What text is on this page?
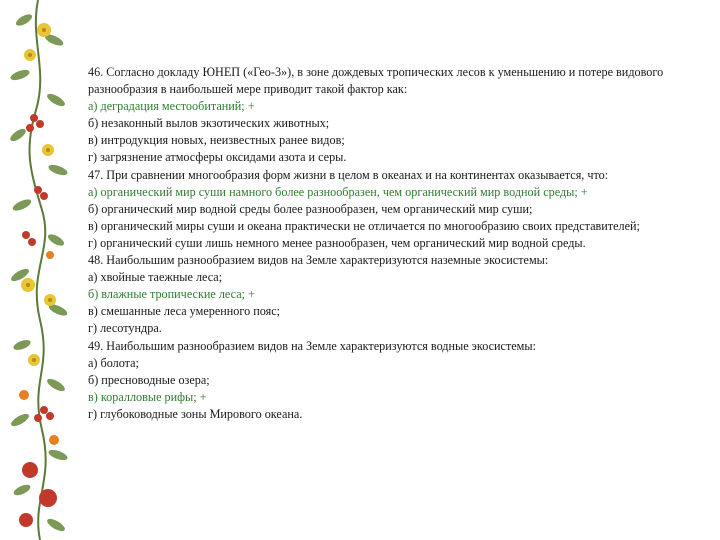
46. Согласно докладу ЮНЕП («Гео-3»), в зоне дождевых тропических лесов к уменьшению и потере видового разнообразия в наибольшей мере приводит такой фактор как:
а) деградация местообитаний; +
б) незаконный вылов экзотических животных;
в) интродукция новых, неизвестных ранее видов;
г) загрязнение атмосферы оксидами азота и серы.
47. При сравнении многообразия форм жизни в целом в океанах и на континентах оказывается, что:
а) органический мир суши намного более разнообразен, чем органический мир водной среды; +
б) органический мир водной среды более разнообразен, чем органический мир суши;
в) органический миры суши и океана практически не отличается по многообразию своих представителей;
г) органический суши лишь немного менее разнообразен, чем органический мир водной среды.
48. Наибольшим разнообразием видов на Земле характеризуются наземные экосистемы:
а) хвойные таежные леса;
б) влажные тропические леса; +
в) смешанные леса умеренного пояс;
г) лесотундра.
49. Наибольшим разнообразием видов на Земле характеризуются водные экосистемы:
а) болота;
б) пресноводные озера;
в) коралловые рифы; +
г) глубоководные зоны Мирового океана.
